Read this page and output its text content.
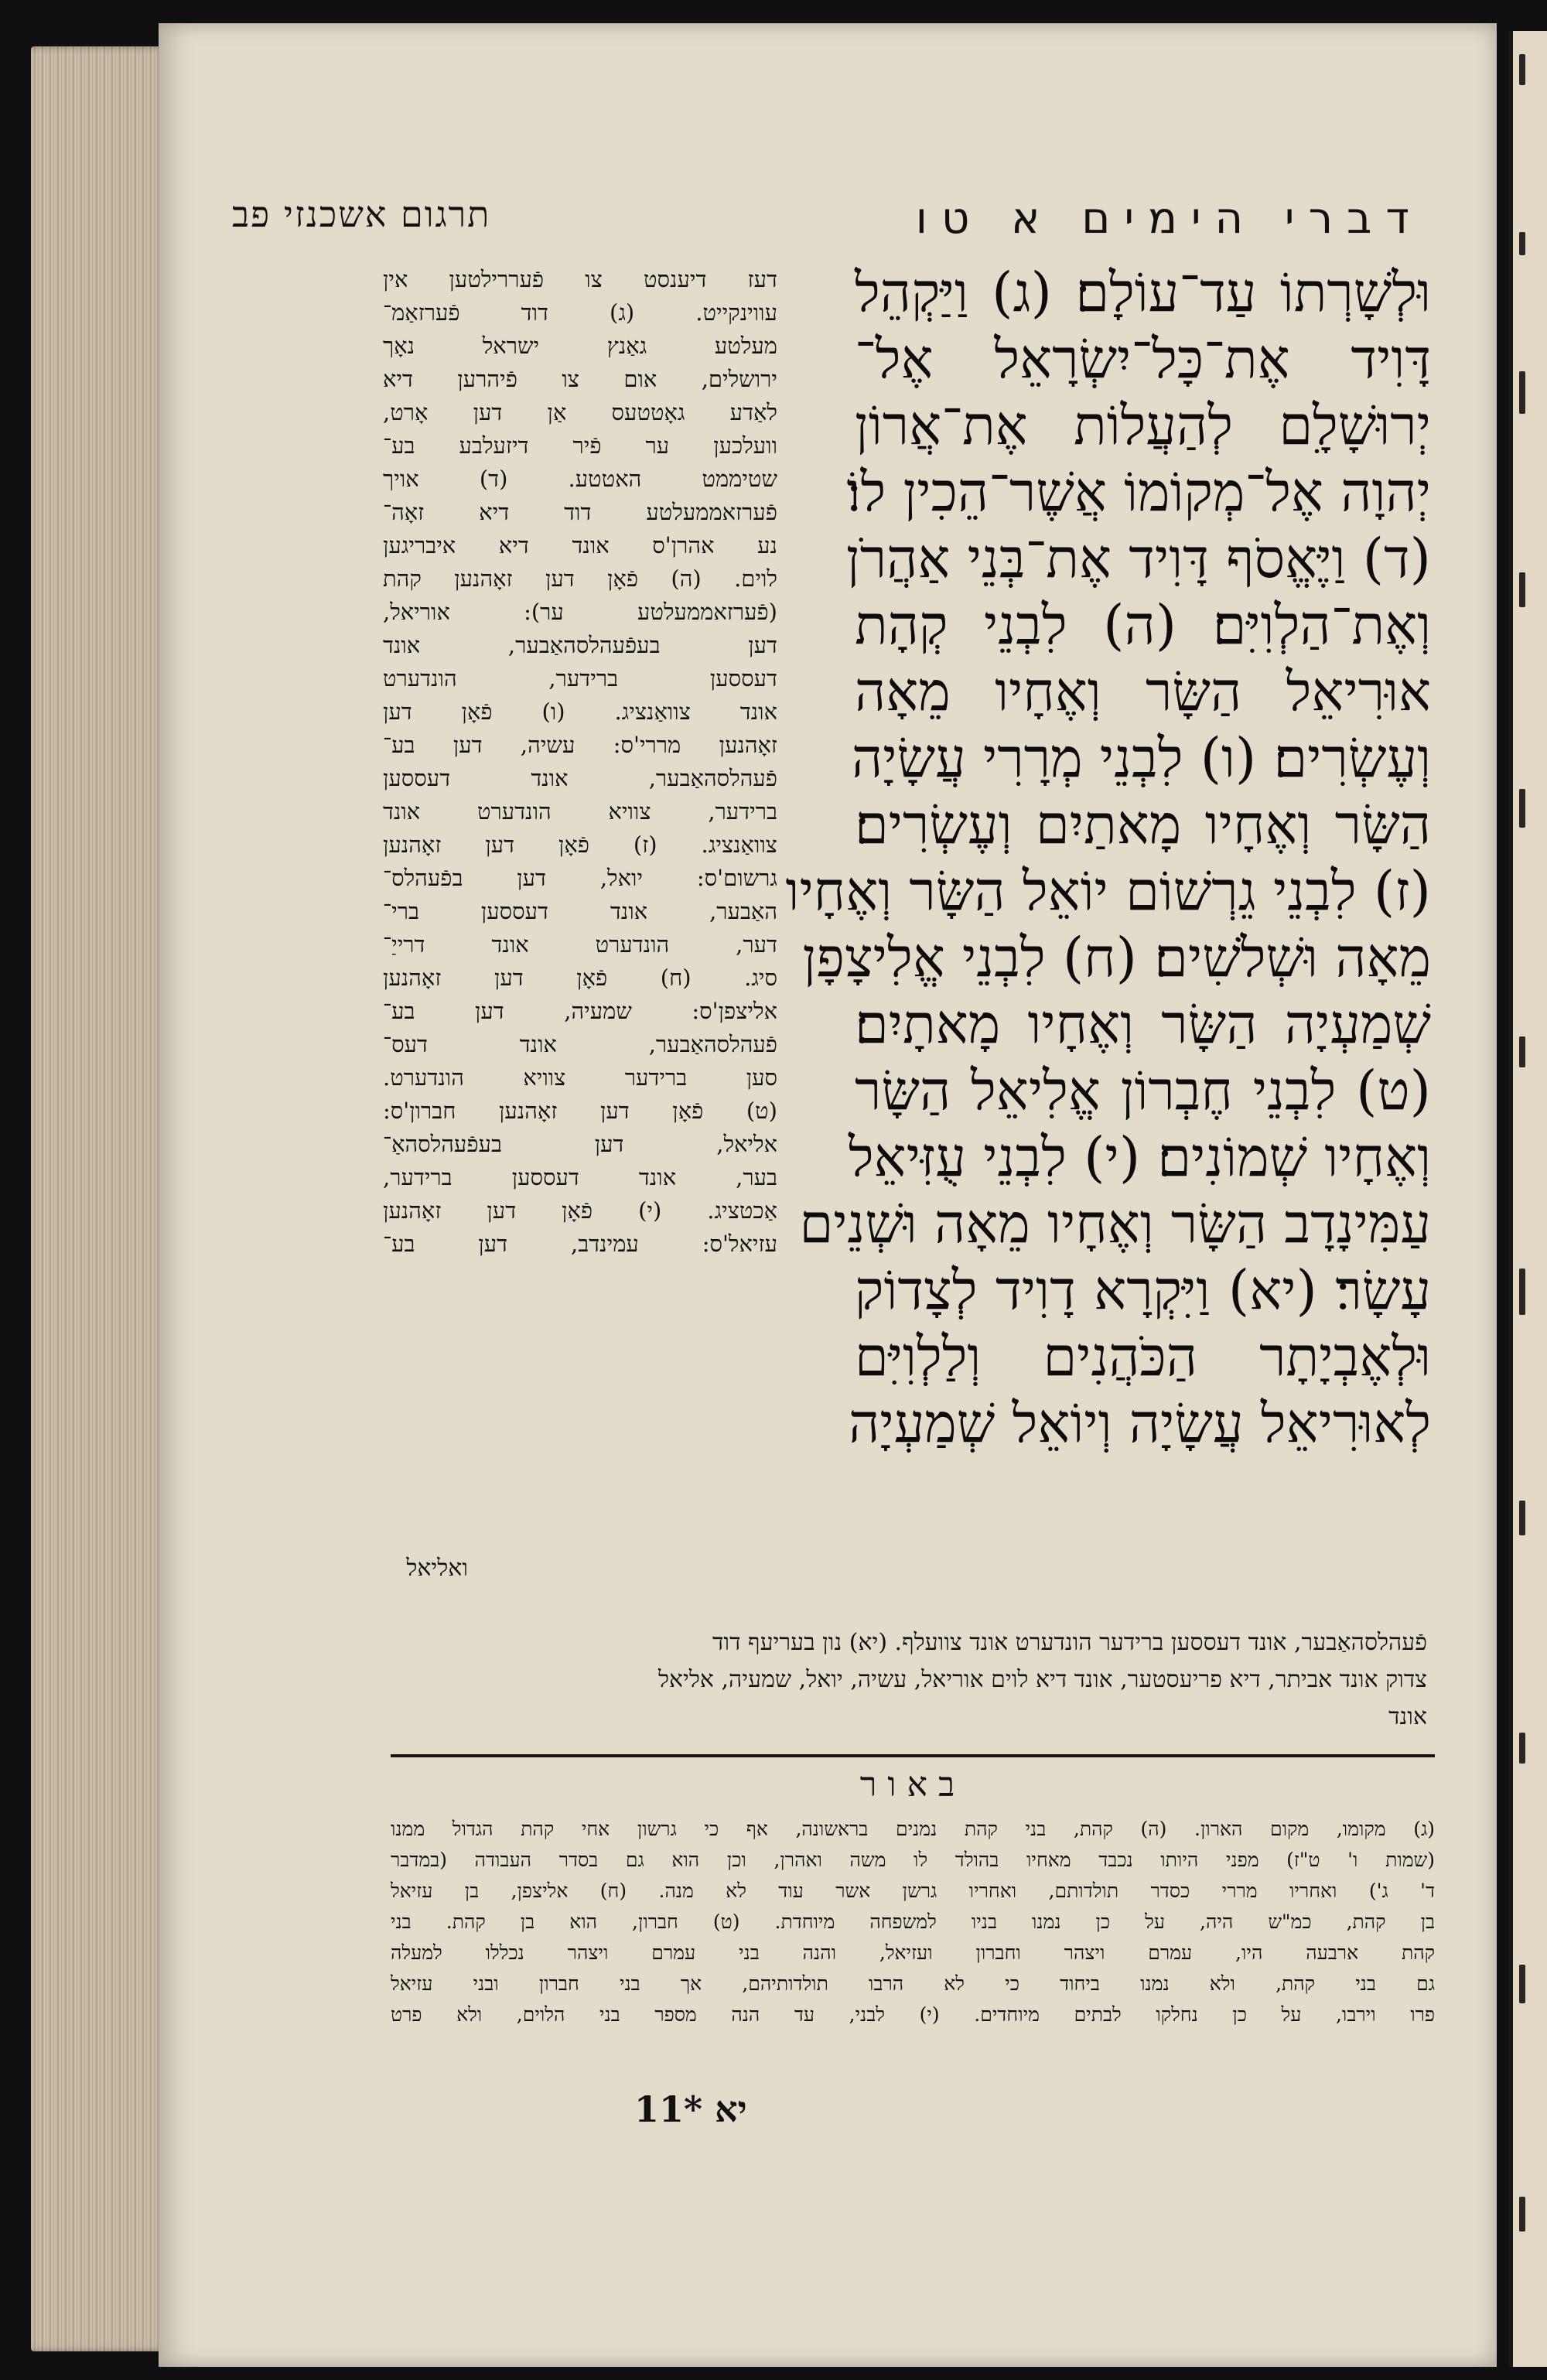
דברי הימים א טו
תרגום אשכנזי פב
וּלְשָׁרְתוֹ עַד־עוֹלָם׃ (ג) וַיַּקְהֵל
דָּוִיד אֶת־כָּל־יִשְׂרָאֵל אֶל־
יְרוּשָׁלִָם לְהַעֲלוֹת אֶת־אֲרוֹן
יְהוָה אֶל־מְקוֹמוֹ אֲשֶׁר־הֵכִין לוֹ׃
(ד) וַיֶּאֱסֹף דָּוִיד אֶת־בְּנֵי אַהֲרֹן
וְאֶת־הַלְוִיִּם׃ (ה) לִבְנֵי קְהָת
אוּרִיאֵל הַשָּׂר וְאֶחָיו מֵאָה
וְעֶשְׂרִים׃ (ו) לִבְנֵי מְרָרִי עֲשָׂיָה
הַשָּׂר וְאֶחָיו מָאתַיִם וְעֶשְׂרִים׃
(ז) לִבְנֵי גֵרְשׁוֹם יוֹאֵל הַשָּׂר וְאֶחָיו
מֵאָה וּשְׁלֹשִׁים׃ (ח) לִבְנֵי אֱלִיצָפָן
שְׁמַעְיָה הַשָּׂר וְאֶחָיו מָאתָיִם׃
(ט) לִבְנֵי חֶבְרוֹן אֱלִיאֵל הַשָּׂר
וְאֶחָיו שְׁמוֹנִים׃ (י) לִבְנֵי עֻזִּיאֵל
עַמִּינָדָב הַשָּׂר וְאֶחָיו מֵאָה וּשְׁנֵים
עָשָׂר׃ (יא) וַיִּקְרָא דָוִיד לְצָדוֹק
וּלְאֶבְיָתָר הַכֹּהֲנִים וְלַלְוִיִּם
לְאוּרִיאֵל עֲשָׂיָה וְיוֹאֵל שְׁמַעְיָה
ואליאל
דעז דיענסט צו פֿעררילטען אין
עווינקייט. (ג) דוד פֿערזאַמ־
מעלטע גאַנץ ישראל נאָך
ירושלים, אום צו פֿיהרען דיא
לאַדע גאָטטעס אַן דען אָרט,
וועלכען ער פֿיר דיזעלבע בע־
שטיממט האטטע. (ד) אויך
פֿערזאממעלטע דוד דיא זאָה־
נע אהרן'ס אונד דיא איבריגען
לוים. (ה) פֿאָן דען זאָהנען קהת
(פֿערזאממעלטע ער): אוריאל,
דען בעפֿעהלסהאַבער, אונד
דעססען ברידער, הונדערט
אונד צוואַנציג. (ו) פֿאָן דען
זאָהנען מררי'ס: עשיה, דען בע־
פֿעהלסהאַבער, אונד דעססען
ברידער, צוויא הונדערט אונד
צוואַנציג. (ז) פֿאָן דען זאָהנען
גרשום'ס: יואל, דען בפֿעהלס־
האַבער, אונד דעססען ברי־
דער, הונדערט אונד דרייַ־
סיג. (ח) פֿאָן דען זאָהנען
אליצפן'ס: שמעיה, דען בע־
פֿעהלסהאַבער, אונד דעס־
סען ברידער צוויא הונדערט.
(ט) פֿאָן דען זאָהנען חברון'ס:
אליאל, דען בעפֿעהלסהאַ־
בער, אונד דעססען ברידער,
אַכטציג. (י) פֿאָן דען זאָהנען
עזיאל'ס: עמינדב, דען בע־
פֿעהלסהאַבער, אונד דעססען ברידער הונדערט אונד צוועלף. (יא) נון בעריעף דוד
צדוק אונד אביתר, דיא פריעסטער, אונד דיא לוים אוריאל, עשיה, יואל, שמעיה, אליאל
אונד
באור
(ג) מקומו, מקום הארון. (ה) קהת, בני קהת נמנים בראשונה, אף כי גרשון אחי קהת הגדול ממנו
(שמות ו' ט"ז) מפני היותו נכבד מאחיו בהולד לו משה ואהרן, וכן הוא גם בסדר העבודה (במדבר
ד' ג') ואחריו מררי כסדר תולדותם, ואחריו גרשן אשר עוד לא מנה. (ח) אליצפן, בן עזיאל
בן קהת, כמ"ש היה, על כן נמנו בניו למשפחה מיוחדת. (ט) חברון, הוא בן קהת. בני
קהת ארבעה היו, עמרם ויצהר וחברון ועזיאל, והנה בני עמרם ויצהר נכללו למעלה
גם בני קהת, ולא נמנו ביחוד כי לא הרבו תולדותיהם, אך בני חברון ובני עזיאל
פרו וירבו, על כן נחלקו לבתים מיוחדים. (י) לבני, עד הנה מספר בני הלוים, ולא פרט
יא *11
